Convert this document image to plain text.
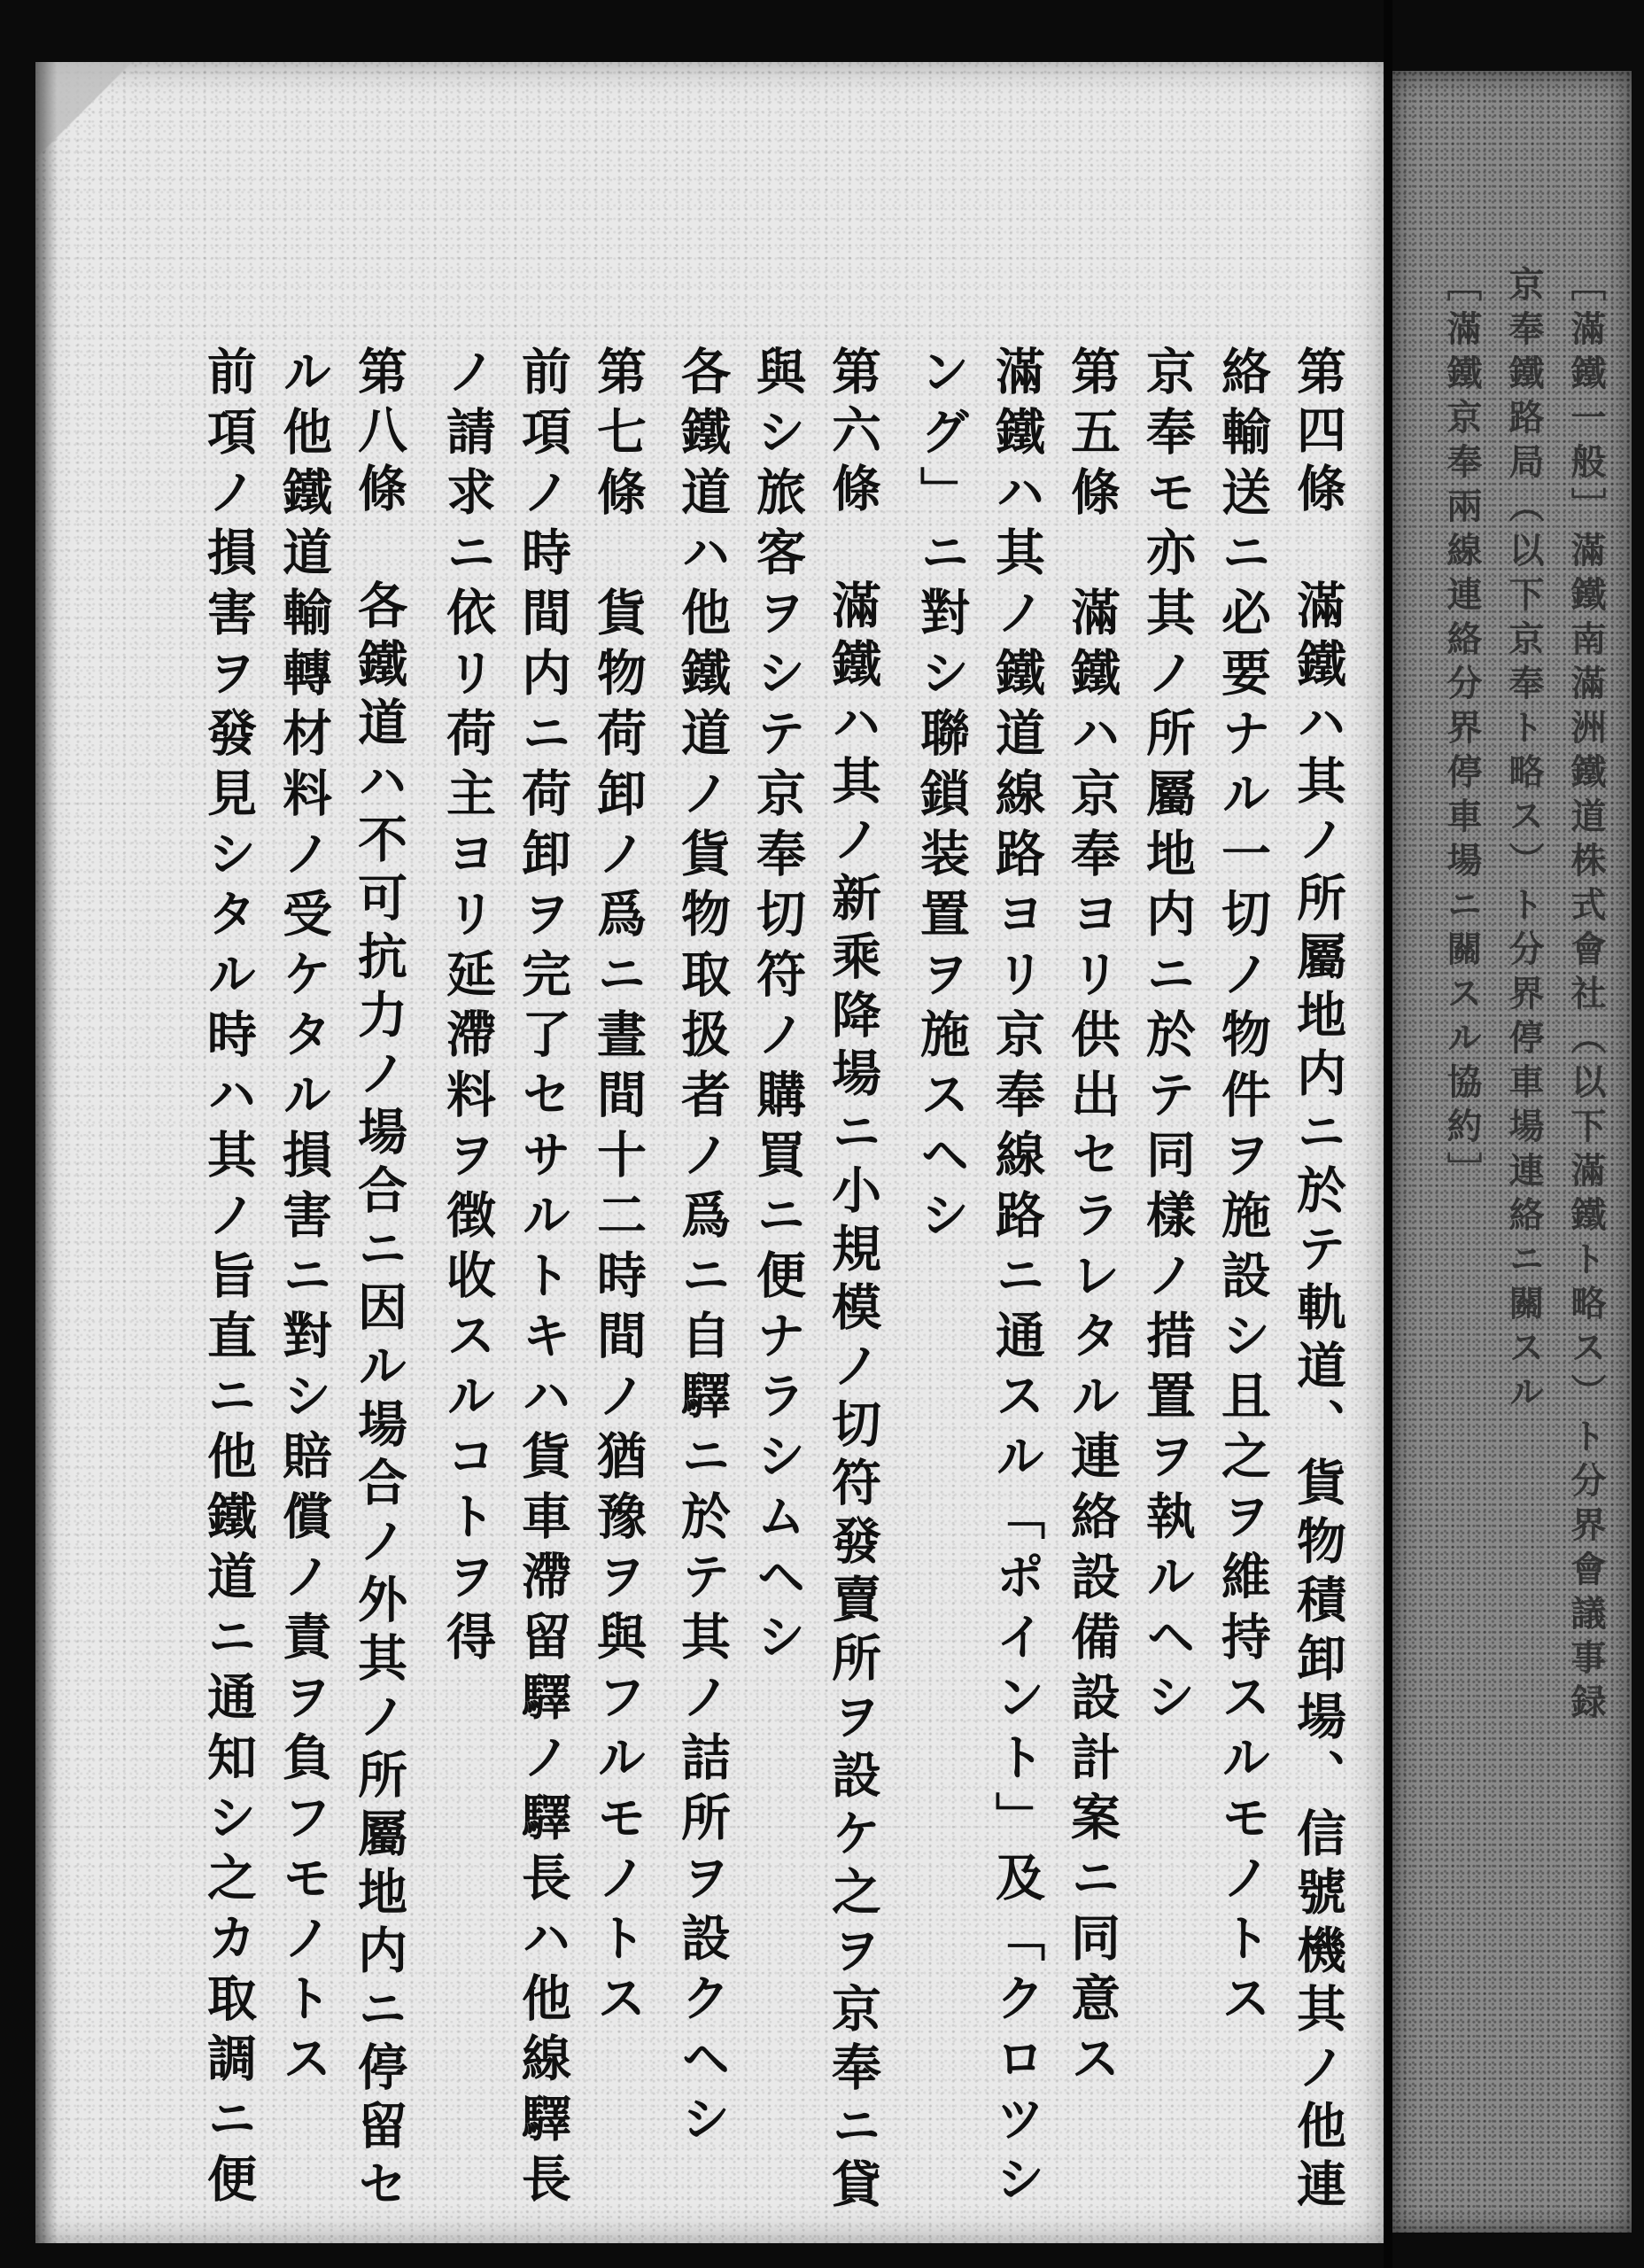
第四條　滿鐵ハ其ノ所屬地内ニ於テ軌道、貨物積卸場、信號機其ノ他連
絡輸送ニ必要ナル一切ノ物件ヲ施設シ且之ヲ維持スルモノトス
京奉モ亦其ノ所屬地内ニ於テ同樣ノ措置ヲ執ルヘシ
第五條　滿鐵ハ京奉ヨリ供出セラレタル連絡設備設計案ニ同意ス
滿鐵ハ其ノ鐵道線路ヨリ京奉線路ニ通スル「ポイント」及「クロツシ
ング」ニ對シ聯鎖装置ヲ施スヘシ
第六條　滿鐵ハ其ノ新乘降場ニ小規模ノ切符發賣所ヲ設ケ之ヲ京奉ニ貸
與シ旅客ヲシテ京奉切符ノ購買ニ便ナラシムヘシ
各鐵道ハ他鐵道ノ貨物取扱者ノ爲ニ自驛ニ於テ其ノ詰所ヲ設クヘシ
第七條　貨物荷卸ノ爲ニ晝間十二時間ノ猶豫ヲ與フルモノトス
前項ノ時間内ニ荷卸ヲ完了セサルトキハ貨車滯留驛ノ驛長ハ他線驛長
ノ請求ニ依リ荷主ヨリ延滯料ヲ徴收スルコトヲ得
第八條　各鐵道ハ不可抗力ノ場合ニ因ル場合ノ外其ノ所屬地内ニ停留セ
ル他鐵道輸轉材料ノ受ケタル損害ニ對シ賠償ノ責ヲ負フモノトス
前項ノ損害ヲ發見シタル時ハ其ノ旨直ニ他鐵道ニ通知シ之カ取調ニ便	［滿鐵一般］滿鐵南滿洲鐵道株式會社（以下滿鐵ト略ス）ト分界會議事録
京奉鐵路局（以下京奉ト略ス）ト分界停車場連絡ニ關スル
［滿鐵京奉兩線連絡分界停車場ニ關スル協約］
